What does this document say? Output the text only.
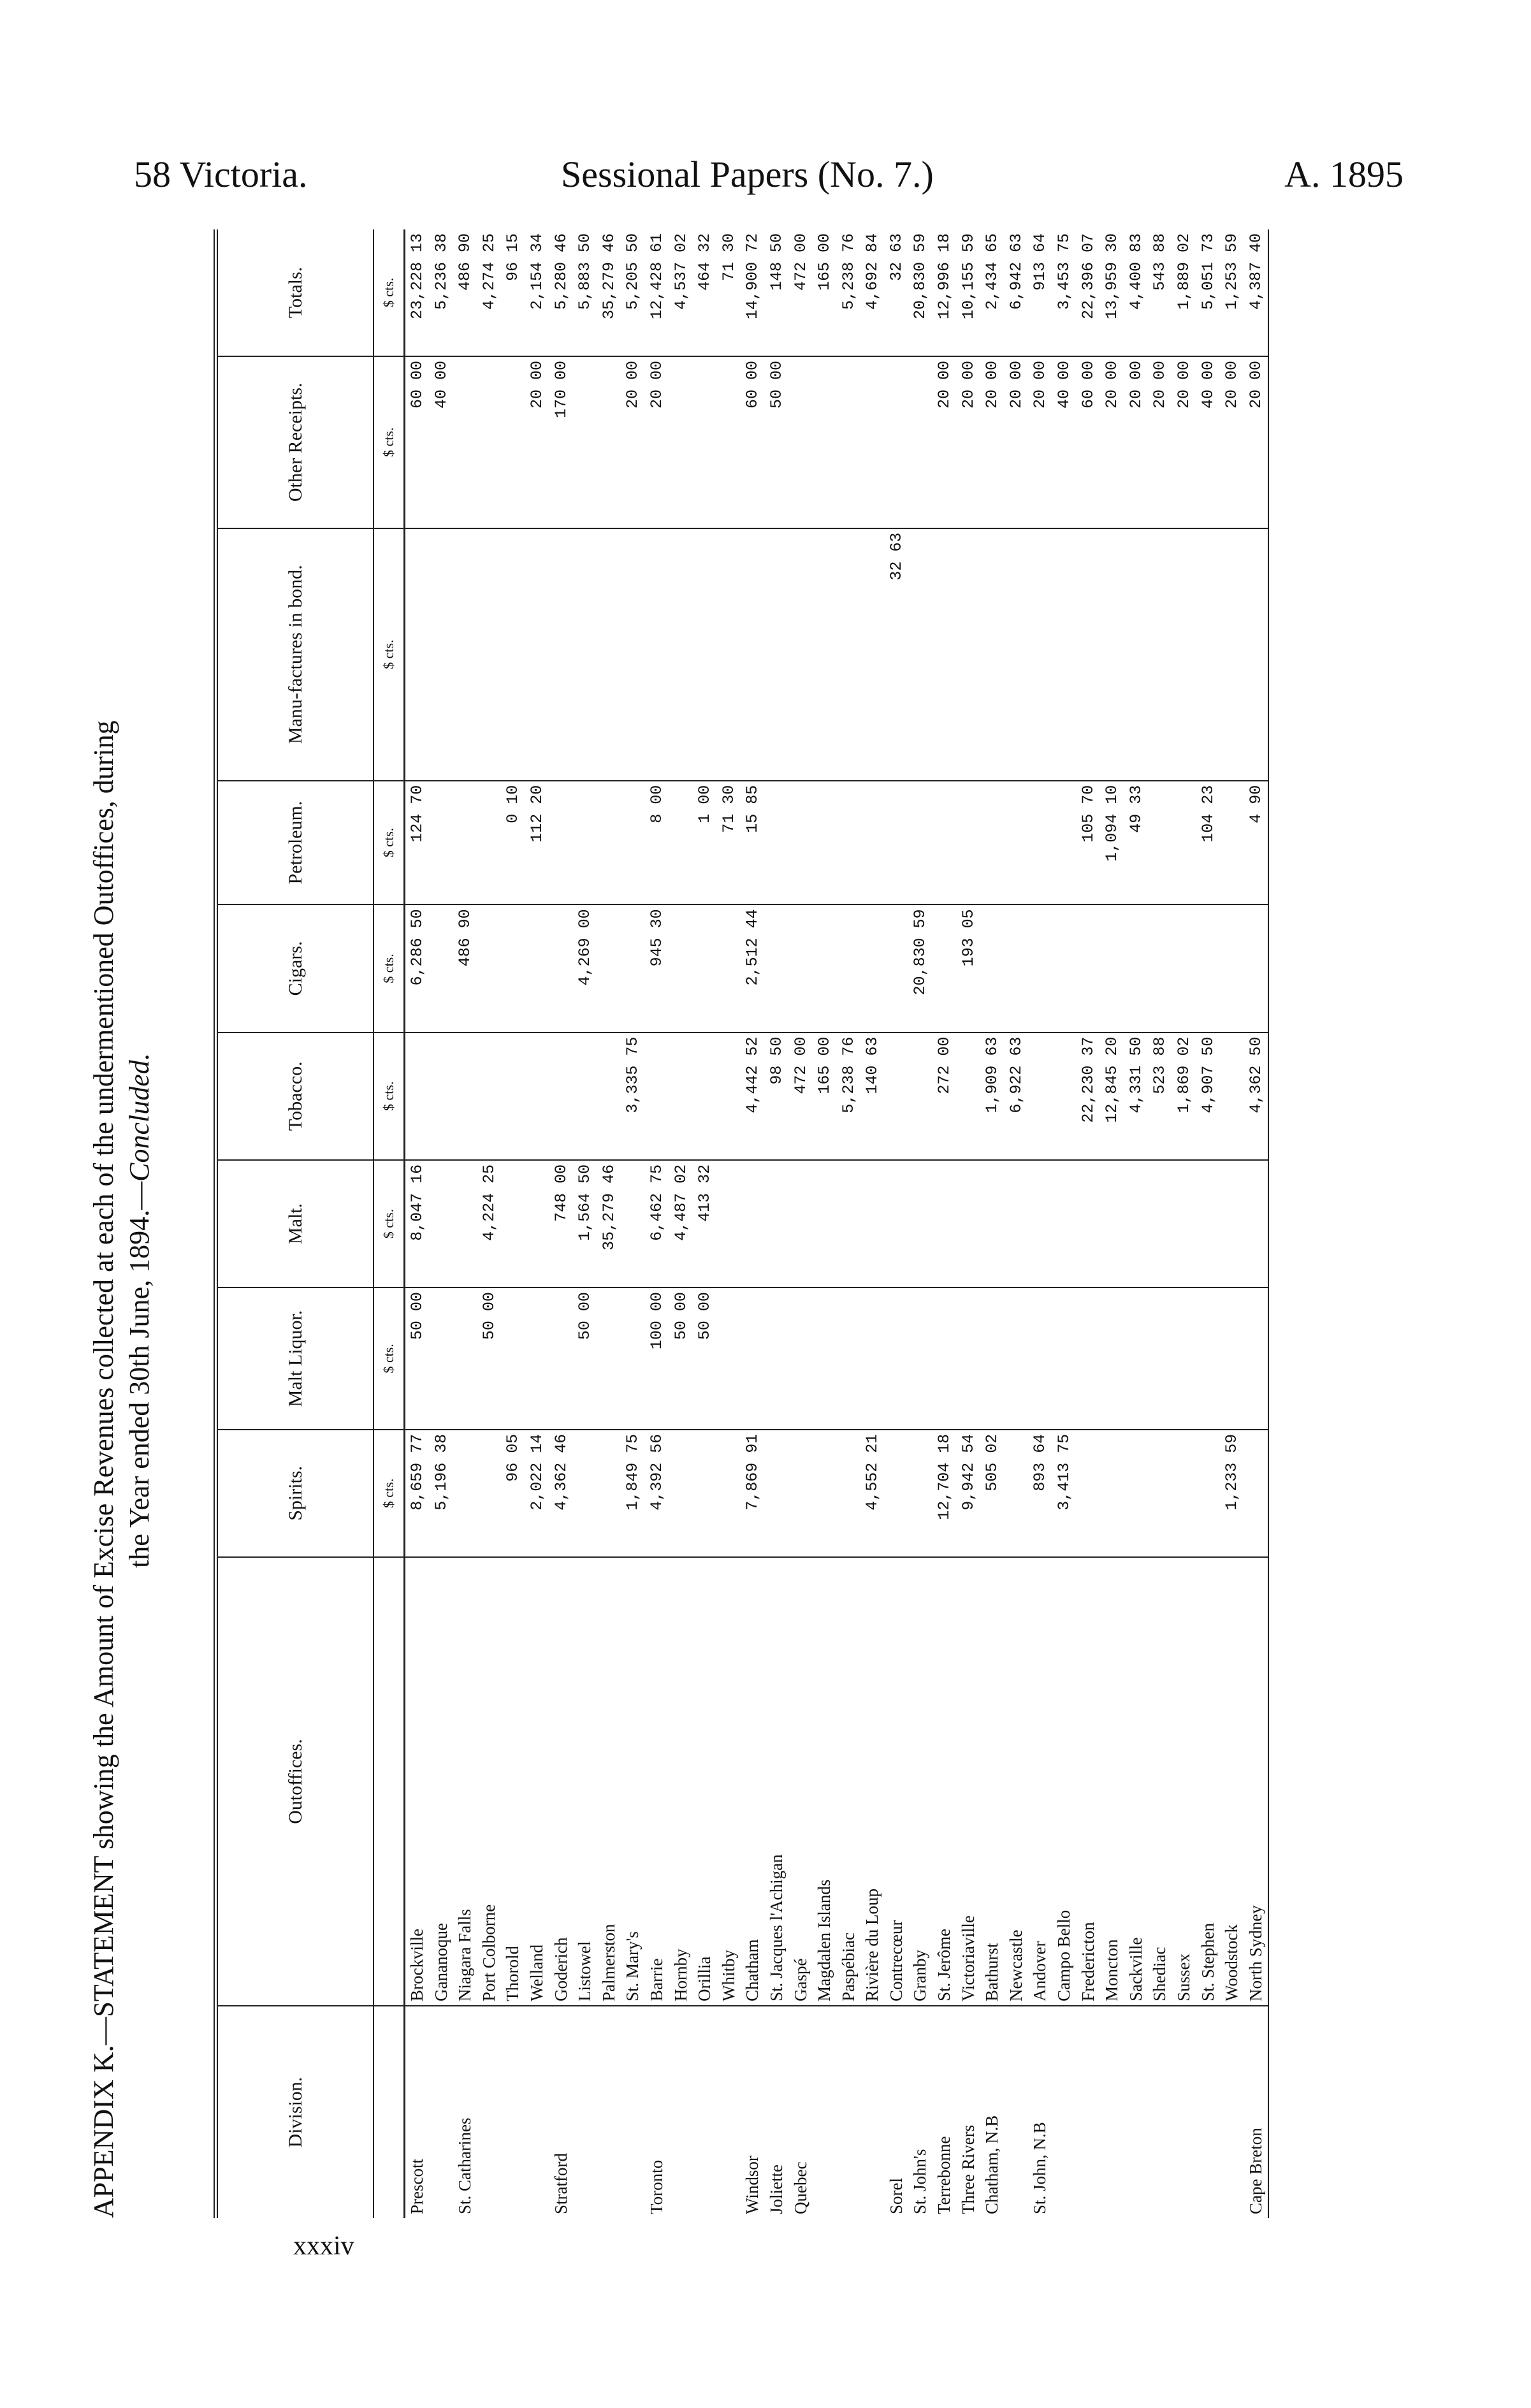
58 Victoria.	Sessional Papers (No. 7.)	A. 1895
APPENDIX K.—STATEMENT showing the Amount of Excise Revenues collected at each of the undermentioned Outoffices, during the Year ended 30th June, 1894.—Concluded.
Division.	Outoffices.	Spirits.	Malt Liquor.	Malt.	Tobacco.	Cigars.	Petroleum.	Manu-factures in bond.	Other Receipts.	Totals.
		$ cts.	$ cts.	$ cts.	$ cts.	$ cts.	$ cts.	$ cts.	$ cts.	$ cts.
Prescott	Brockville	8,659 77	50 00	8,047 16		6,286 50	124 70		60 00	23,228 13
	Gananoque	5,196 38							40 00	5,236 38
St. Catharines	Niagara Falls					486 90				486 90
	Port Colborne		50 00	4,224 25						4,274 25
	Thorold	96 05					0 10			96 15
	Welland	2,022 14					112 20		20 00	2,154 34
Stratford	Goderich	4,362 46		748 00					170 00	5,280 46
	Listowel		50 00	1,564 50		4,269 00				5,883 50
	Palmerston			35,279 46						35,279 46
	St. Mary's	1,849 75			3,335 75				20 00	5,205 50
Toronto	Barrie	4,392 56	100 00	6,462 75		945 30	8 00		20 00	12,428 61
	Hornby		50 00	4,487 02						4,537 02
	Orillia		50 00	413 32			1 00			464 32
	Whitby						71 30			71 30
Windsor	Chatham	7,869 91			4,442 52	2,512 44	15 85		60 00	14,900 72
Joliette	St. Jacques l'Achigan				98 50				50 00	148 50
Quebec	Gaspé				472 00					472 00
	Magdalen Islands				165 00					165 00
	Paspébiac				5,238 76					5,238 76
	Rivière du Loup	4,552 21			140 63					4,692 84
Sorel	Contrecœur							32 63		32 63
St. John's	Granby					20,830 59				20,830 59
Terrebonne	St. Jerôme	12,704 18			272 00				20 00	12,996 18
Three Rivers	Victoriaville	9,942 54				193 05			20 00	10,155 59
Chatham, N.B	Bathurst	505 02			1,909 63				20 00	2,434 65
	Newcastle				6,922 63				20 00	6,942 63
St. John, N.B	Andover	893 64							20 00	913 64
	Campo Bello	3,413 75							40 00	3,453 75
	Fredericton				22,230 37		105 70		60 00	22,396 07
	Moncton				12,845 20		1,094 10		20 00	13,959 30
	Sackville				4,331 50		49 33		20 00	4,400 83
	Shediac				523 88				20 00	543 88
	Sussex				1,869 02				20 00	1,889 02
	St. Stephen				4,907 50		104 23		40 00	5,051 73
	Woodstock	1,233 59							20 00	1,253 59
Cape Breton	North Sydney				4,362 50		4 90		20 00	4,387 40
xxxiv
